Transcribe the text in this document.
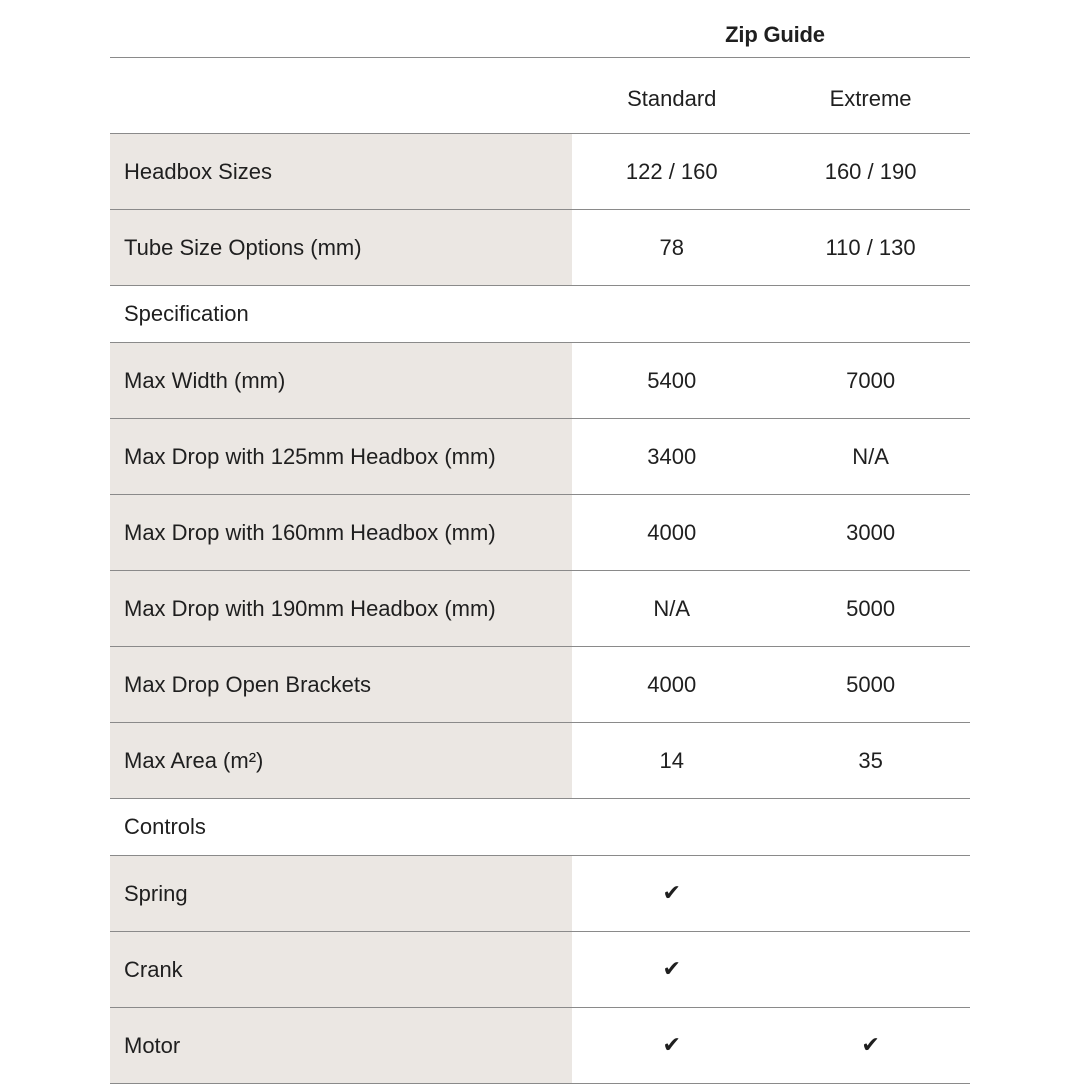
Zip Guide
Standard	Extreme
Headbox Sizes	122 / 160	160 / 190
Tube Size Options (mm)	78	110 / 130
Specification
Max Width (mm)	5400	7000
Max Drop with 125mm Headbox (mm)	3400	N/A
Max Drop with 160mm Headbox (mm)	4000	3000
Max Drop with 190mm Headbox (mm)	N/A	5000
Max Drop Open Brackets	4000	5000
Max Area (m²)	14	35
Controls
Spring	✔
Crank	✔
Motor	✔	✔
